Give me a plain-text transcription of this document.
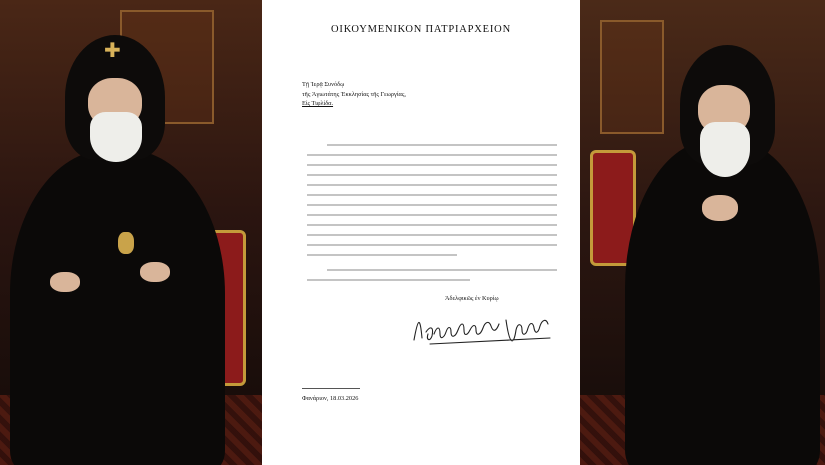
✚
ΟΙΚΟΥΜΕΝΙΚΟΝ ΠΑΤΡΙΑΡΧΕΙΟΝ
Τῇ Ἱερᾷ Συνόδῳ
τῆς Ἀγιωτάτης Ἐκκλησίας τῆς Γεωργίας,
Εἰς Τιφλίδα.
Ἀδελφικῶς ἐν Κυρίῳ
Φανάριον, 18.03.2026
